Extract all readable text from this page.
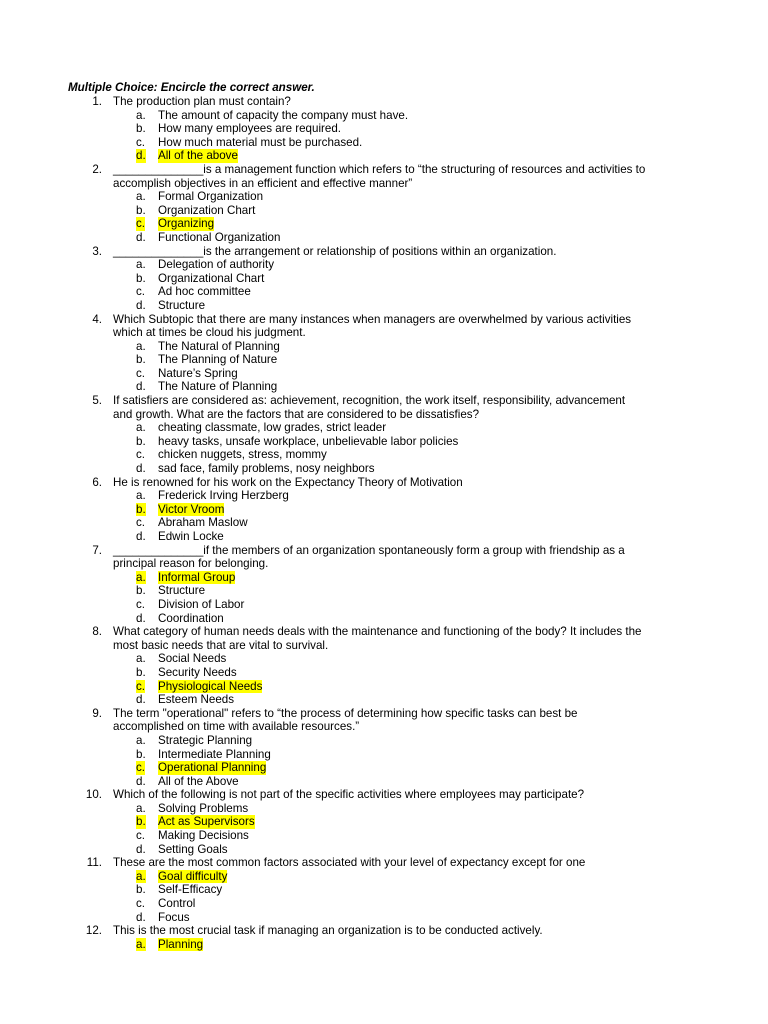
Multiple Choice: Encircle the correct answer.
1. The production plan must contain?
a. The amount of capacity the company must have.
b. How many employees are required.
c. How much material must be purchased.
d. All of the above
2. ______________is a management function which refers to “the structuring of resources and activities to
accomplish objectives in an efficient and effective manner”
a. Formal Organization
b. Organization Chart
c. Organizing
d. Functional Organization
3. ______________is the arrangement or relationship of positions within an organization.
a. Delegation of authority
b. Organizational Chart
c. Ad hoc committee
d. Structure
4. Which Subtopic that there are many instances when managers are overwhelmed by various activities
which at times be cloud his judgment.
a. The Natural of Planning
b. The Planning of Nature
c. Nature’s Spring
d. The Nature of Planning
5. If satisfiers are considered as: achievement, recognition, the work itself, responsibility, advancement
and growth. What are the factors that are considered to be dissatisfies?
a. cheating classmate, low grades, strict leader
b. heavy tasks, unsafe workplace, unbelievable labor policies
c. chicken nuggets, stress, mommy
d. sad face, family problems, nosy neighbors
6. He is renowned for his work on the Expectancy Theory of Motivation
a. Frederick Irving Herzberg
b. Victor Vroom
c. Abraham Maslow
d. Edwin Locke
7. ______________if the members of an organization spontaneously form a group with friendship as a
principal reason for belonging.
a. Informal Group
b. Structure
c. Division of Labor
d. Coordination
8. What category of human needs deals with the maintenance and functioning of the body? It includes the
most basic needs that are vital to survival.
a. Social Needs
b. Security Needs
c. Physiological Needs
d. Esteem Needs
9. The term "operational" refers to “the process of determining how specific tasks can best be
accomplished on time with available resources.”
a. Strategic Planning
b. Intermediate Planning
c. Operational Planning
d. All of the Above
10. Which of the following is not part of the specific activities where employees may participate?
a. Solving Problems
b. Act as Supervisors
c. Making Decisions
d. Setting Goals
11. These are the most common factors associated with your level of expectancy except for one
a. Goal difficulty
b. Self-Efficacy
c. Control
d. Focus
12. This is the most crucial task if managing an organization is to be conducted actively.
a. Planning
